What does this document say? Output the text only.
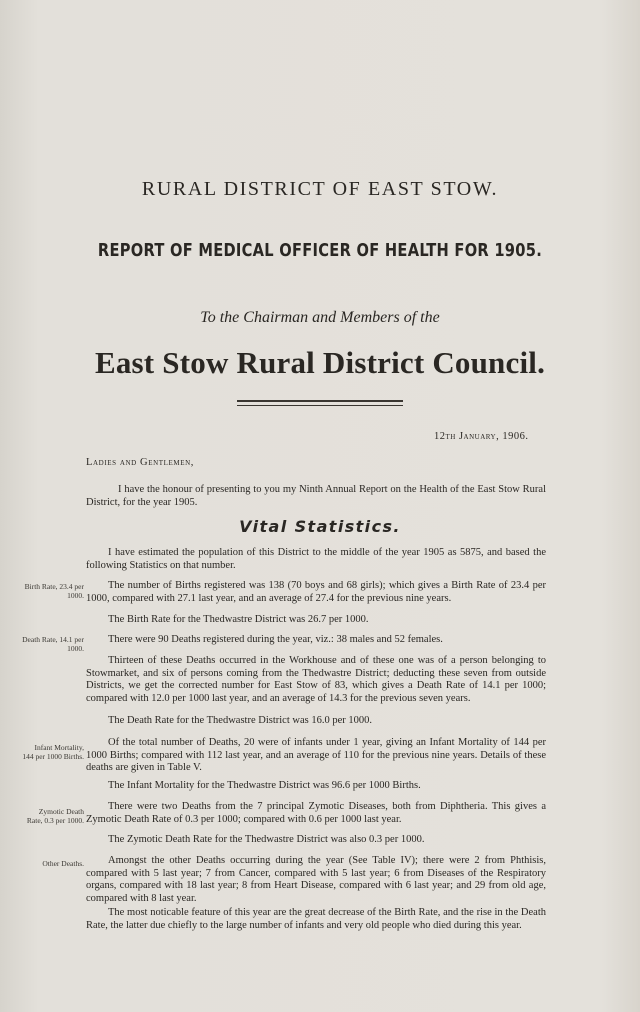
RURAL DISTRICT OF EAST STOW.
REPORT OF MEDICAL OFFICER OF HEALTH FOR 1905.
To the Chairman and Members of the
East Stow Rural District Council.
12th January, 1906.
Ladies and Gentlemen,
I have the honour of presenting to you my Ninth Annual Report on the Health of the East Stow Rural District, for the year 1905.
Vital Statistics.
I have estimated the population of this District to the middle of the year 1905 as 5875, and based the following Statistics on that number.
Birth Rate, 23.4 per 1000.
The number of Births registered was 138 (70 boys and 68 girls); which gives a Birth Rate of 23.4 per 1000, compared with 27.1 last year, and an average of 27.4 for the previous nine years.
The Birth Rate for the Thedwastre District was 26.7 per 1000.
Death Rate, 14.1 per 1000.
There were 90 Deaths registered during the year, viz.: 38 males and 52 females.
Thirteen of these Deaths occurred in the Workhouse and of these one was of a person belonging to Stowmarket, and six of persons coming from the Thedwastre District; deducting these seven from outside Districts, we get the corrected number for East Stow of 83, which gives a Death Rate of 14.1 per 1000; compared with 12.0 per 1000 last year, and an average of 14.3 for the previous seven years.
The Death Rate for the Thedwastre District was 16.0 per 1000.
Infant Mortality, 144 per 1000 Births.
Of the total number of Deaths, 20 were of infants under 1 year, giving an Infant Mortality of 144 per 1000 Births; compared with 112 last year, and an average of 110 for the previous nine years. Details of these deaths are given in Table V.
The Infant Mortality for the Thedwastre District was 96.6 per 1000 Births.
Zymotic Death Rate, 0.3 per 1000.
There were two Deaths from the 7 principal Zymotic Diseases, both from Diphtheria. This gives a Zymotic Death Rate of 0.3 per 1000; compared with 0.6 per 1000 last year.
The Zymotic Death Rate for the Thedwastre District was also 0.3 per 1000.
Other Deaths.	Amongst the other Deaths occurring during the year (See Table IV); there were 2 from Phthisis, compared with 5 last year; 7 from Cancer, compared with 5 last year; 6 from Diseases of the Respiratory organs, compared with 18 last year; 8 from Heart Disease, compared with 6 last year; and 29 from old age, compared with 8 last year.
The most noticable feature of this year are the great decrease of the Birth Rate, and the rise in the Death Rate, the latter due chiefly to the large number of infants and very old people who died during this year.
